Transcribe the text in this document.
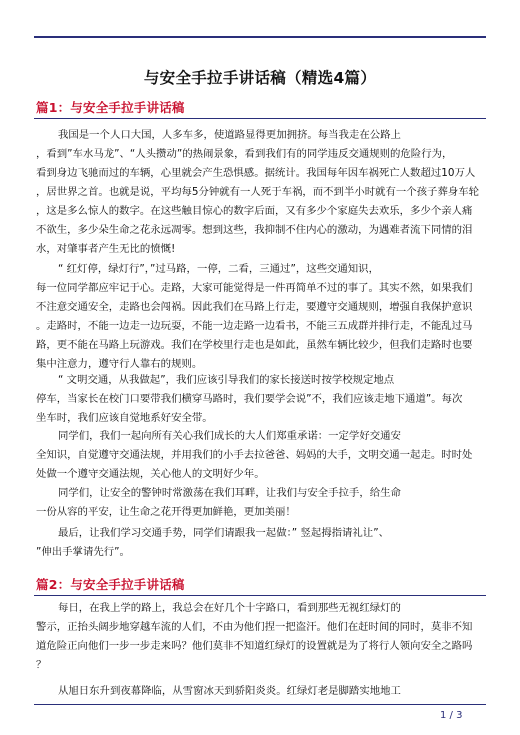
与安全手拉手讲话稿（精选4篇）
篇1：与安全手拉手讲话稿
我国是一个人口大国，人多车多，使道路显得更加拥挤。每当我走在公路上
，看到”车水马龙”、“人头攒动”的热闹景象，看到我们有的同学违反交通规则的危险行为，
看到身边飞驰而过的车辆，心里就会产生恐惧感。据统计。我国每年因车祸死亡人数超过10万人
，居世界之首。也就是说，平均每5分钟就有一人死于车祸，而不到半小时就有一个孩子葬身车轮
，这是多么惊人的数字。在这些触目惊心的数字后面，又有多少个家庭失去欢乐，多少个亲人痛
不欲生，多少朵生命之花永远凋零。想到这些，我抑制不住内心的激动，为遇难者流下同情的泪
水，对肇事者产生无比的愤慨!
“ 红灯停，绿灯行”，”过马路，一停，二看，三通过”，这些交通知识，
每一位同学都应牢记于心。走路，大家可能觉得是一件再简单不过的事了。其实不然，如果我们
不注意交通安全，走路也会闯祸。因此我们在马路上行走，要遵守交通规则，增强自我保护意识
。走路时，不能一边走一边玩耍，不能一边走路一边看书，不能三五成群并排行走，不能乱过马
路，更不能在马路上玩游戏。我们在学校里行走也是如此，虽然车辆比较少，但我们走路时也要
集中注意力，遵守行人靠右的规则。
“ 文明交通，从我做起”，我们应该引导我们的家长接送时按学校规定地点
停车，当家长在校门口要带我们横穿马路时，我们要学会说”不，我们应该走地下通道”。每次
坐车时，我们应该自觉地系好安全带。
同学们，我们一起向所有关心我们成长的大人们郑重承诺：一定学好交通安
全知识，自觉遵守交通法规，并用我们的小手去拉爸爸、妈妈的大手，文明交通一起走。时时处
处做一个遵守交通法规，关心他人的文明好少年。
同学们，让安全的警钟时常激荡在我们耳畔，让我们与安全手拉手，给生命
一份从容的平安，让生命之花开得更加鲜艳，更加美丽！
最后，让我们学习交通手势，同学们请跟我一起做：” 竖起拇指请礼让”、
”伸出手掌请先行”。
篇2：与安全手拉手讲话稿
每日，在我上学的路上，我总会在好几个十字路口，看到那些无视红绿灯的
警示，正抬头阔步地穿越车流的人们，不由为他们捏一把盗汗。他们在赶时间的同时，莫非不知
道危险正向他们一步一步走来吗？他们莫非不知道红绿灯的设置就是为了将行人领向安全之路吗
？
从旭日东升到夜幕降临，从雪窗冰天到骄阳炎炎。红绿灯老是脚踏实地地工
1 / 3
